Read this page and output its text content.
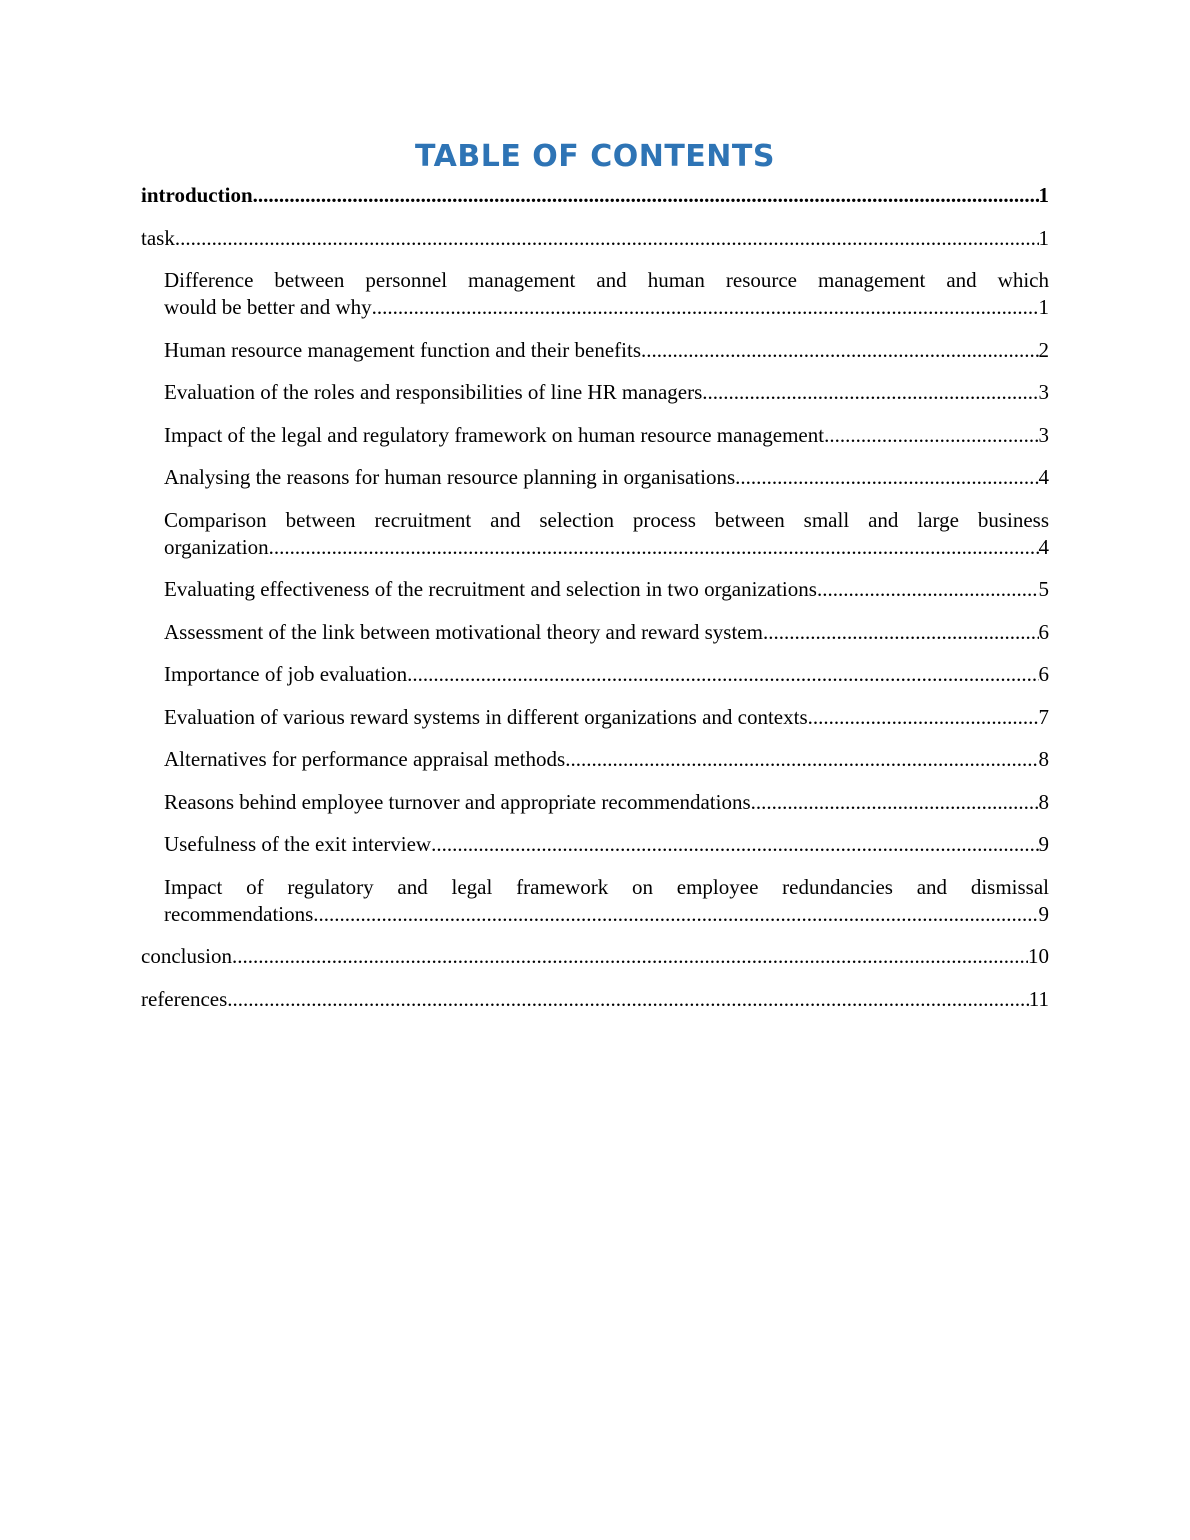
TABLE OF CONTENTS
introduction .....	1
task .....	1
Difference between personnel management and human resource management and which
would be better and why .....	1
Human resource management function and their benefits .....	2
Evaluation of the roles and responsibilities of line HR managers .....	3
Impact of the legal and regulatory framework on human resource management .....	3
Analysing the reasons for human resource planning in organisations .....	4
Comparison between recruitment and selection process between small and large business
organization .....	4
Evaluating effectiveness of the recruitment and selection in two organizations .....	5
Assessment of the link between motivational theory and reward system .....	6
Importance of job evaluation .....	6
Evaluation of various reward systems in different organizations and contexts .....	7
Alternatives for performance appraisal methods .....	8
Reasons behind employee turnover and appropriate recommendations .....	8
Usefulness of the exit interview .....	9
Impact of regulatory and legal framework on employee redundancies and dismissal
recommendations .....	9
conclusion .....	10
references .....	11
